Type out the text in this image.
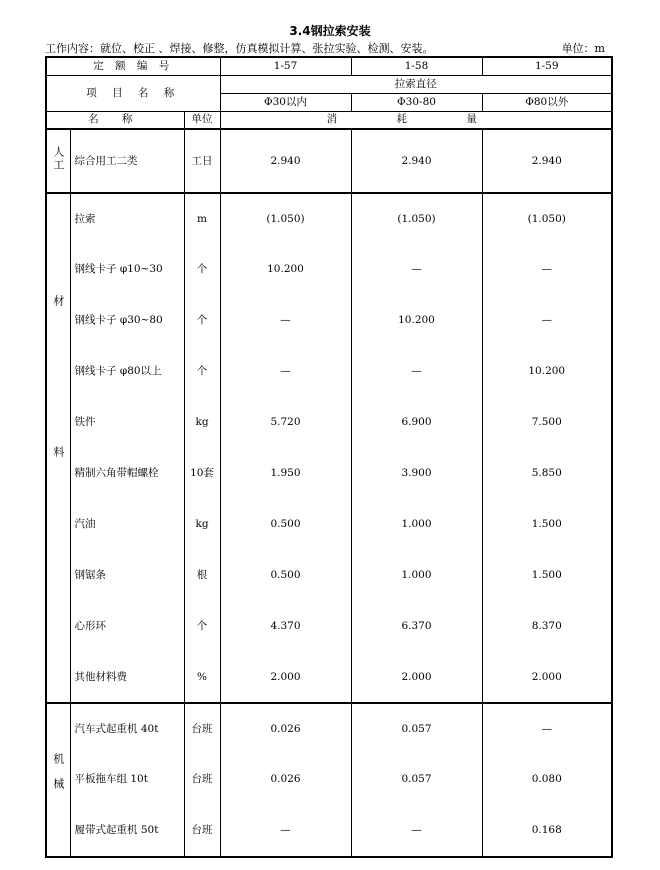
3.4钢拉索安装
工作内容：就位、校正 、焊接、修整，仿真模拟计算、张拉实验、检测、安装。	单位：m
定 额 编 号			1-57	1-58	1-59
项 目 名 称			拉索直径		
			Φ30以内	Φ30-80	Φ80以外
名 称		单位	消 耗 量		
人工	综合用工二类	工日	2.940	2.940	2.940
材料	拉索	m	(1.050)	(1.050)	(1.050)
	钢线卡子 φ10~30	个	10.200	—	—
	钢线卡子 φ30~80	个	—	10.200	—
	钢线卡子 φ80以上	个	—	—	10.200
	铁件	kg	5.720	6.900	7.500
	精制六角带帽螺栓	10套	1.950	3.900	5.850
	汽油	kg	0.500	1.000	1.500
	钢锯条	根	0.500	1.000	1.500
	心形环	个	4.370	6.370	8.370
	其他材料费	%	2.000	2.000	2.000
机械	汽车式起重机 40t	台班	0.026	0.057	—
	平板拖车组 10t	台班	0.026	0.057	0.080
	履带式起重机 50t	台班	—	—	0.168
